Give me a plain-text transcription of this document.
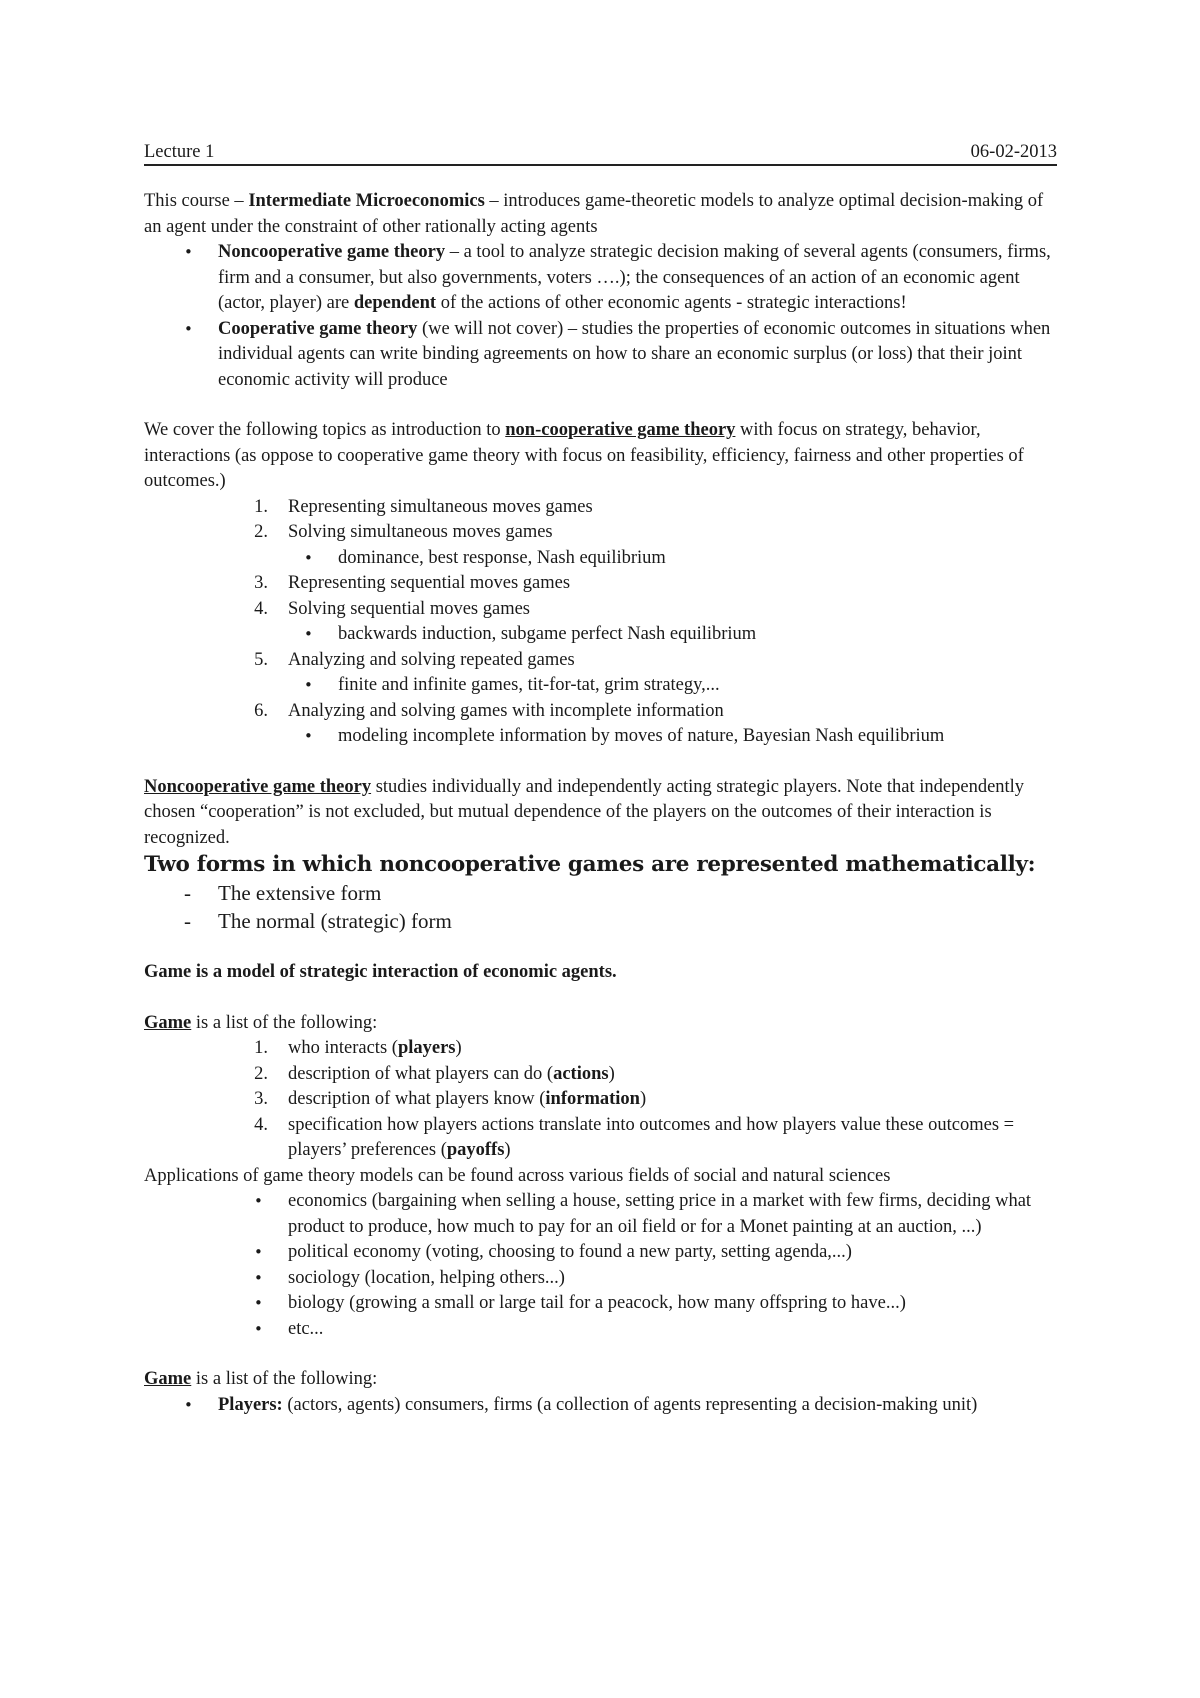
Lecture 1	06-02-2013

This course – Intermediate Microeconomics – introduces game-theoretic models to analyze optimal decision-making of an agent under the constraint of other rationally acting agents

• Noncooperative game theory – a tool to analyze strategic decision making of several agents (consumers, firms, firm and a consumer, but also governments, voters ….); the consequences of an action of an economic agent (actor, player) are dependent of the actions of other economic agents - strategic interactions!
• Cooperative game theory (we will not cover) – studies the properties of economic outcomes in situations when individual agents can write binding agreements on how to share an economic surplus (or loss) that their joint economic activity will produce

We cover the following topics as introduction to non-cooperative game theory with focus on strategy, behavior, interactions (as oppose to cooperative game theory with focus on feasibility, efficiency, fairness and other properties of outcomes.)

1. Representing simultaneous moves games
2. Solving simultaneous moves games
• dominance, best response, Nash equilibrium
3. Representing sequential moves games
4. Solving sequential moves games
• backwards induction, subgame perfect Nash equilibrium
5. Analyzing and solving repeated games
• finite and infinite games, tit-for-tat, grim strategy,...
6. Analyzing and solving games with incomplete information
• modeling incomplete information by moves of nature, Bayesian Nash equilibrium

Noncooperative game theory studies individually and independently acting strategic players. Note that independently chosen “cooperation” is not excluded, but mutual dependence of the players on the outcomes of their interaction is recognized.

Two forms in which noncooperative games are represented mathematically:
- The extensive form
- The normal (strategic) form

Game is a model of strategic interaction of economic agents.

Game is a list of the following:

1. who interacts (players)
2. description of what players can do (actions)
3. description of what players know (information)
4. specification how players actions translate into outcomes and how players value these outcomes = players’ preferences (payoffs)

Applications of game theory models can be found across various fields of social and natural sciences

• economics (bargaining when selling a house, setting price in a market with few firms, deciding what product to produce, how much to pay for an oil field or for a Monet painting at an auction, ...)
• political economy (voting, choosing to found a new party, setting agenda,...)
• sociology (location, helping others...)
• biology (growing a small or large tail for a peacock, how many offspring to have...)
• etc...

Game is a list of the following:

• Players: (actors, agents) consumers, firms (a collection of agents representing a decision-making unit)
